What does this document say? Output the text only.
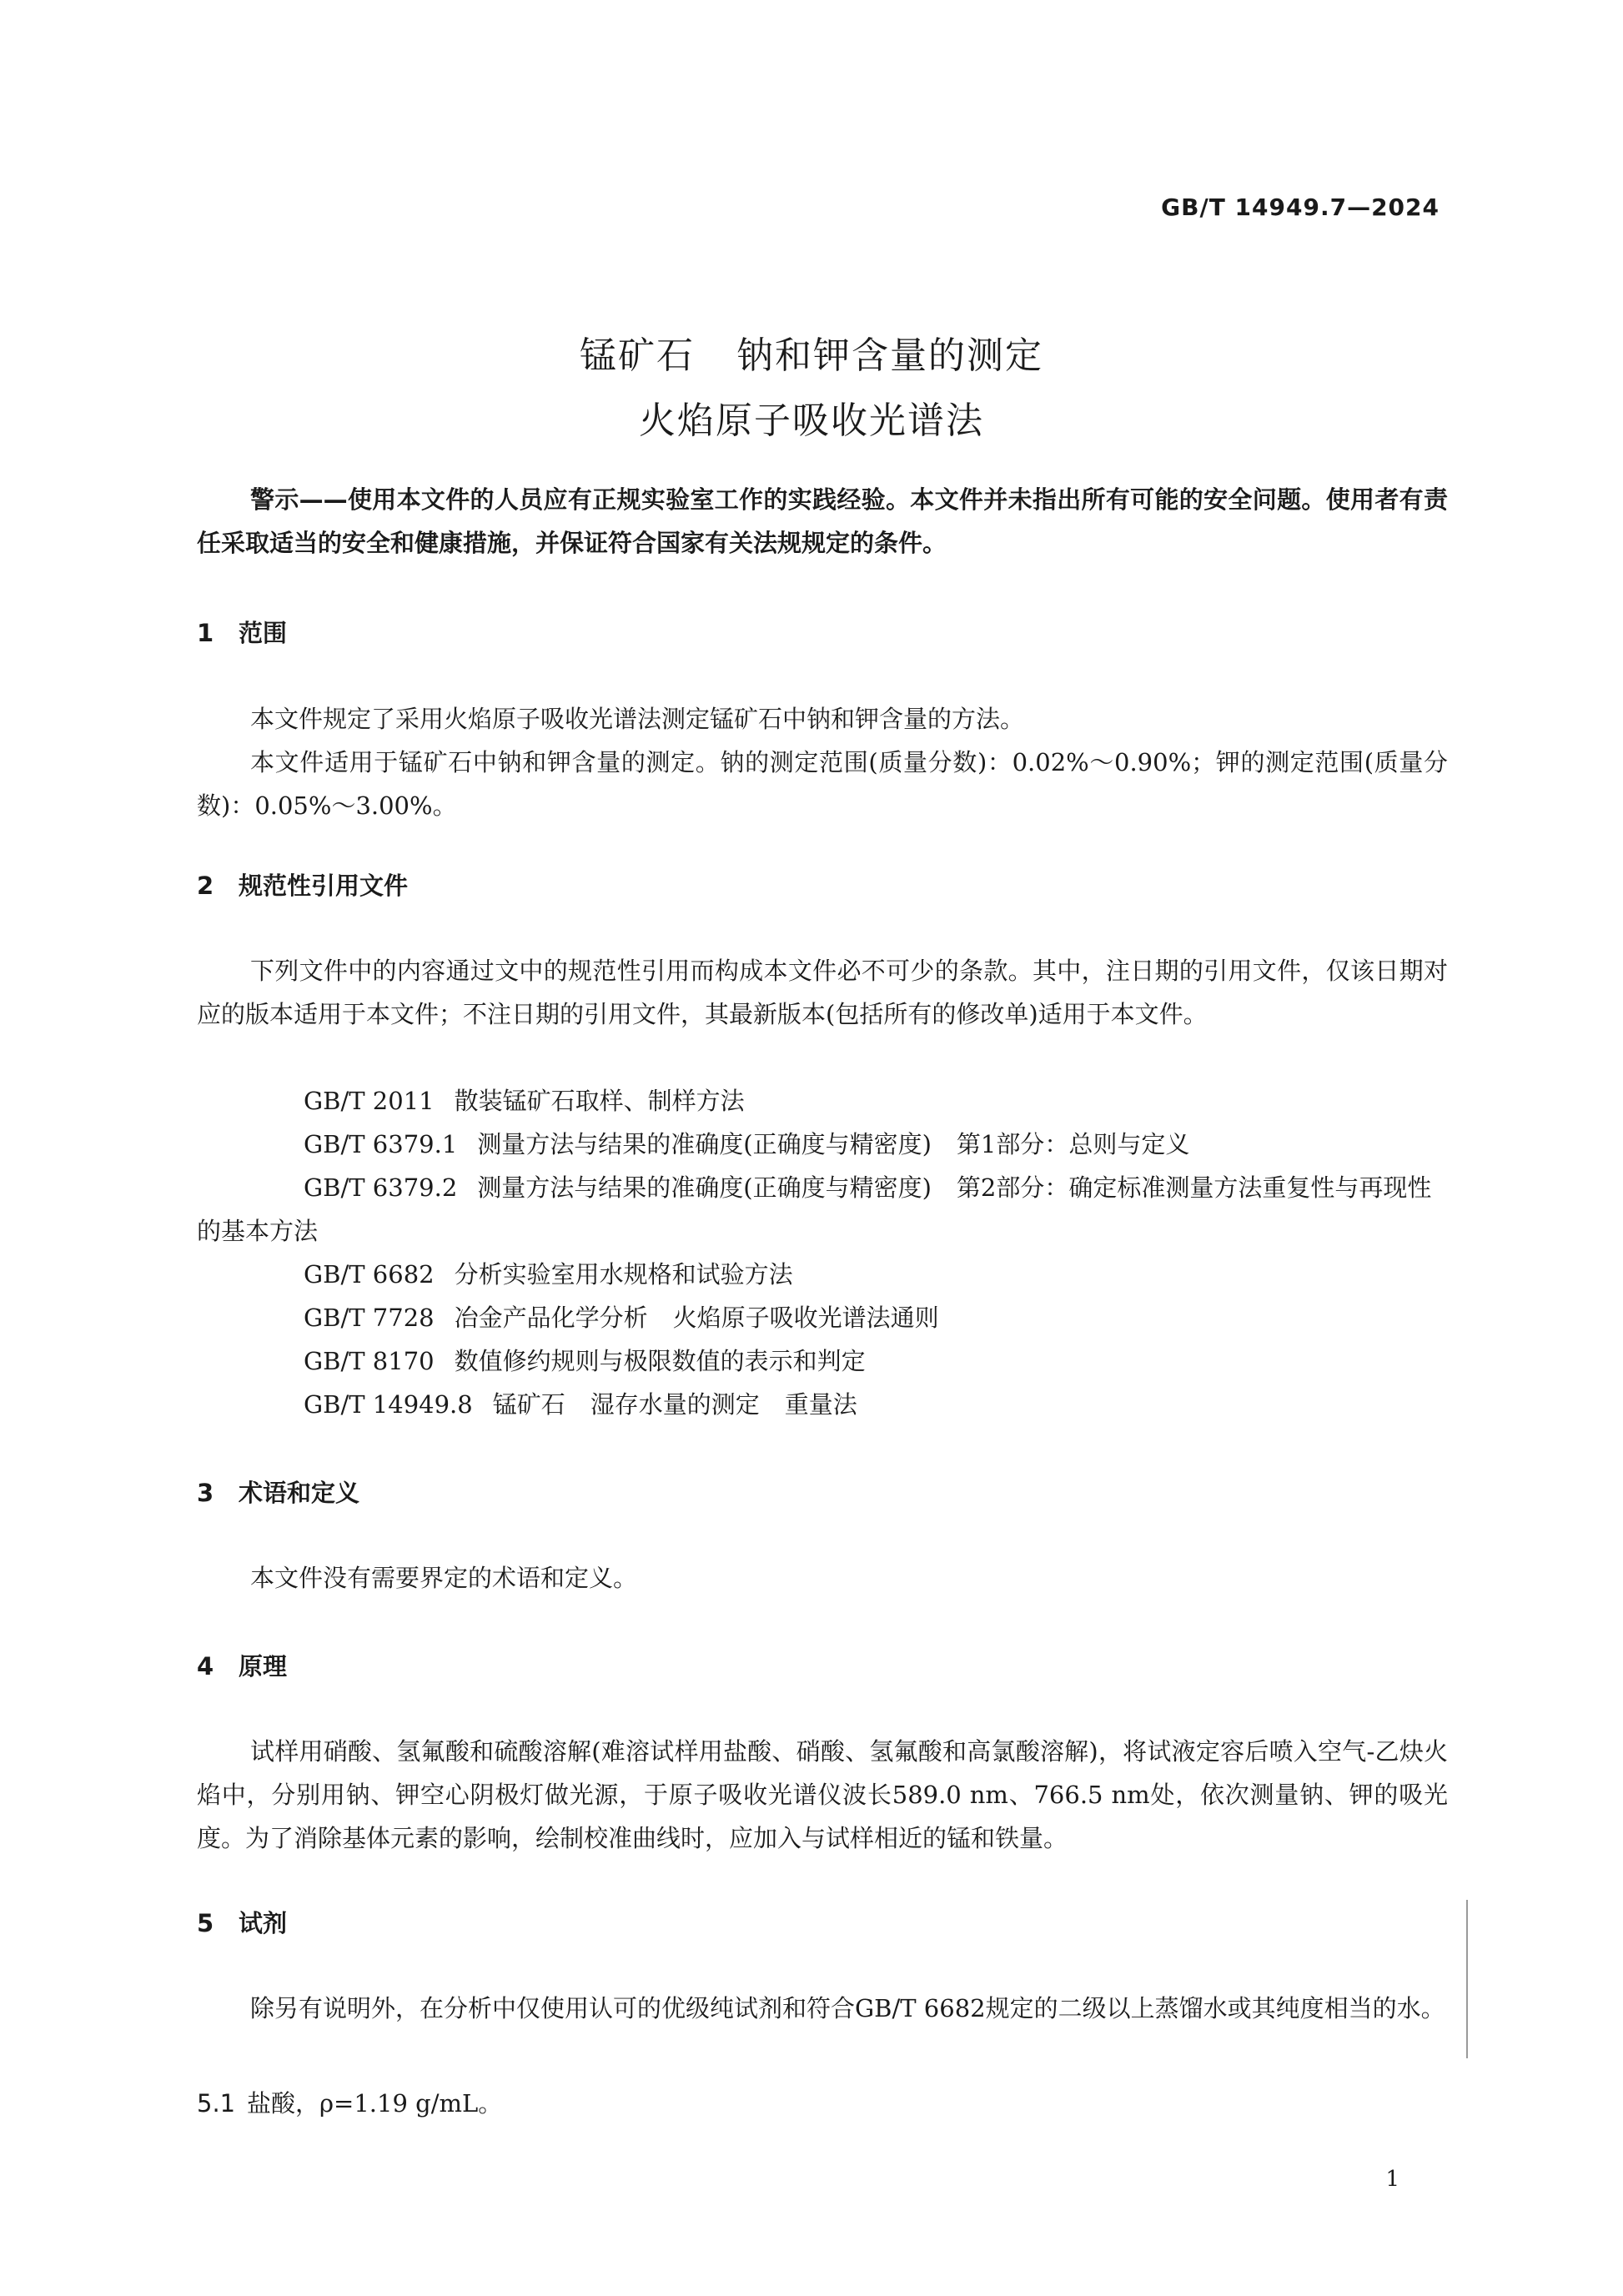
GB/T 14949.7—2024
锰矿石 钠和钾含量的测定
火焰原子吸收光谱法
警示——使用本文件的人员应有正规实验室工作的实践经验。本文件并未指出所有可能的安全问题。使用者有责任采取适当的安全和健康措施，并保证符合国家有关法规规定的条件。
1 范围
本文件规定了采用火焰原子吸收光谱法测定锰矿石中钠和钾含量的方法。
本文件适用于锰矿石中钠和钾含量的测定。钠的测定范围(质量分数)：0.02%～0.90%；钾的测定范围(质量分数)：0.05%～3.00%。
2 规范性引用文件
下列文件中的内容通过文中的规范性引用而构成本文件必不可少的条款。其中，注日期的引用文件，仅该日期对应的版本适用于本文件；不注日期的引用文件，其最新版本(包括所有的修改单)适用于本文件。
GB/T 2011 散装锰矿石取样、制样方法
GB/T 6379.1 测量方法与结果的准确度(正确度与精密度) 第1部分：总则与定义
GB/T 6379.2 测量方法与结果的准确度(正确度与精密度) 第2部分：确定标准测量方法重复性与再现性的基本方法
GB/T 6682 分析实验室用水规格和试验方法
GB/T 7728 冶金产品化学分析 火焰原子吸收光谱法通则
GB/T 8170 数值修约规则与极限数值的表示和判定
GB/T 14949.8 锰矿石 湿存水量的测定 重量法
3 术语和定义
本文件没有需要界定的术语和定义。
4 原理
试样用硝酸、氢氟酸和硫酸溶解(难溶试样用盐酸、硝酸、氢氟酸和高氯酸溶解)，将试液定容后喷入空气-乙炔火焰中，分别用钠、钾空心阴极灯做光源，于原子吸收光谱仪波长589.0 nm、766.5 nm处，依次测量钠、钾的吸光度。为了消除基体元素的影响，绘制校准曲线时，应加入与试样相近的锰和铁量。
5 试剂
除另有说明外，在分析中仅使用认可的优级纯试剂和符合GB/T 6682规定的二级以上蒸馏水或其纯度相当的水。
5.1 盐酸，ρ=1.19 g/mL。
1
